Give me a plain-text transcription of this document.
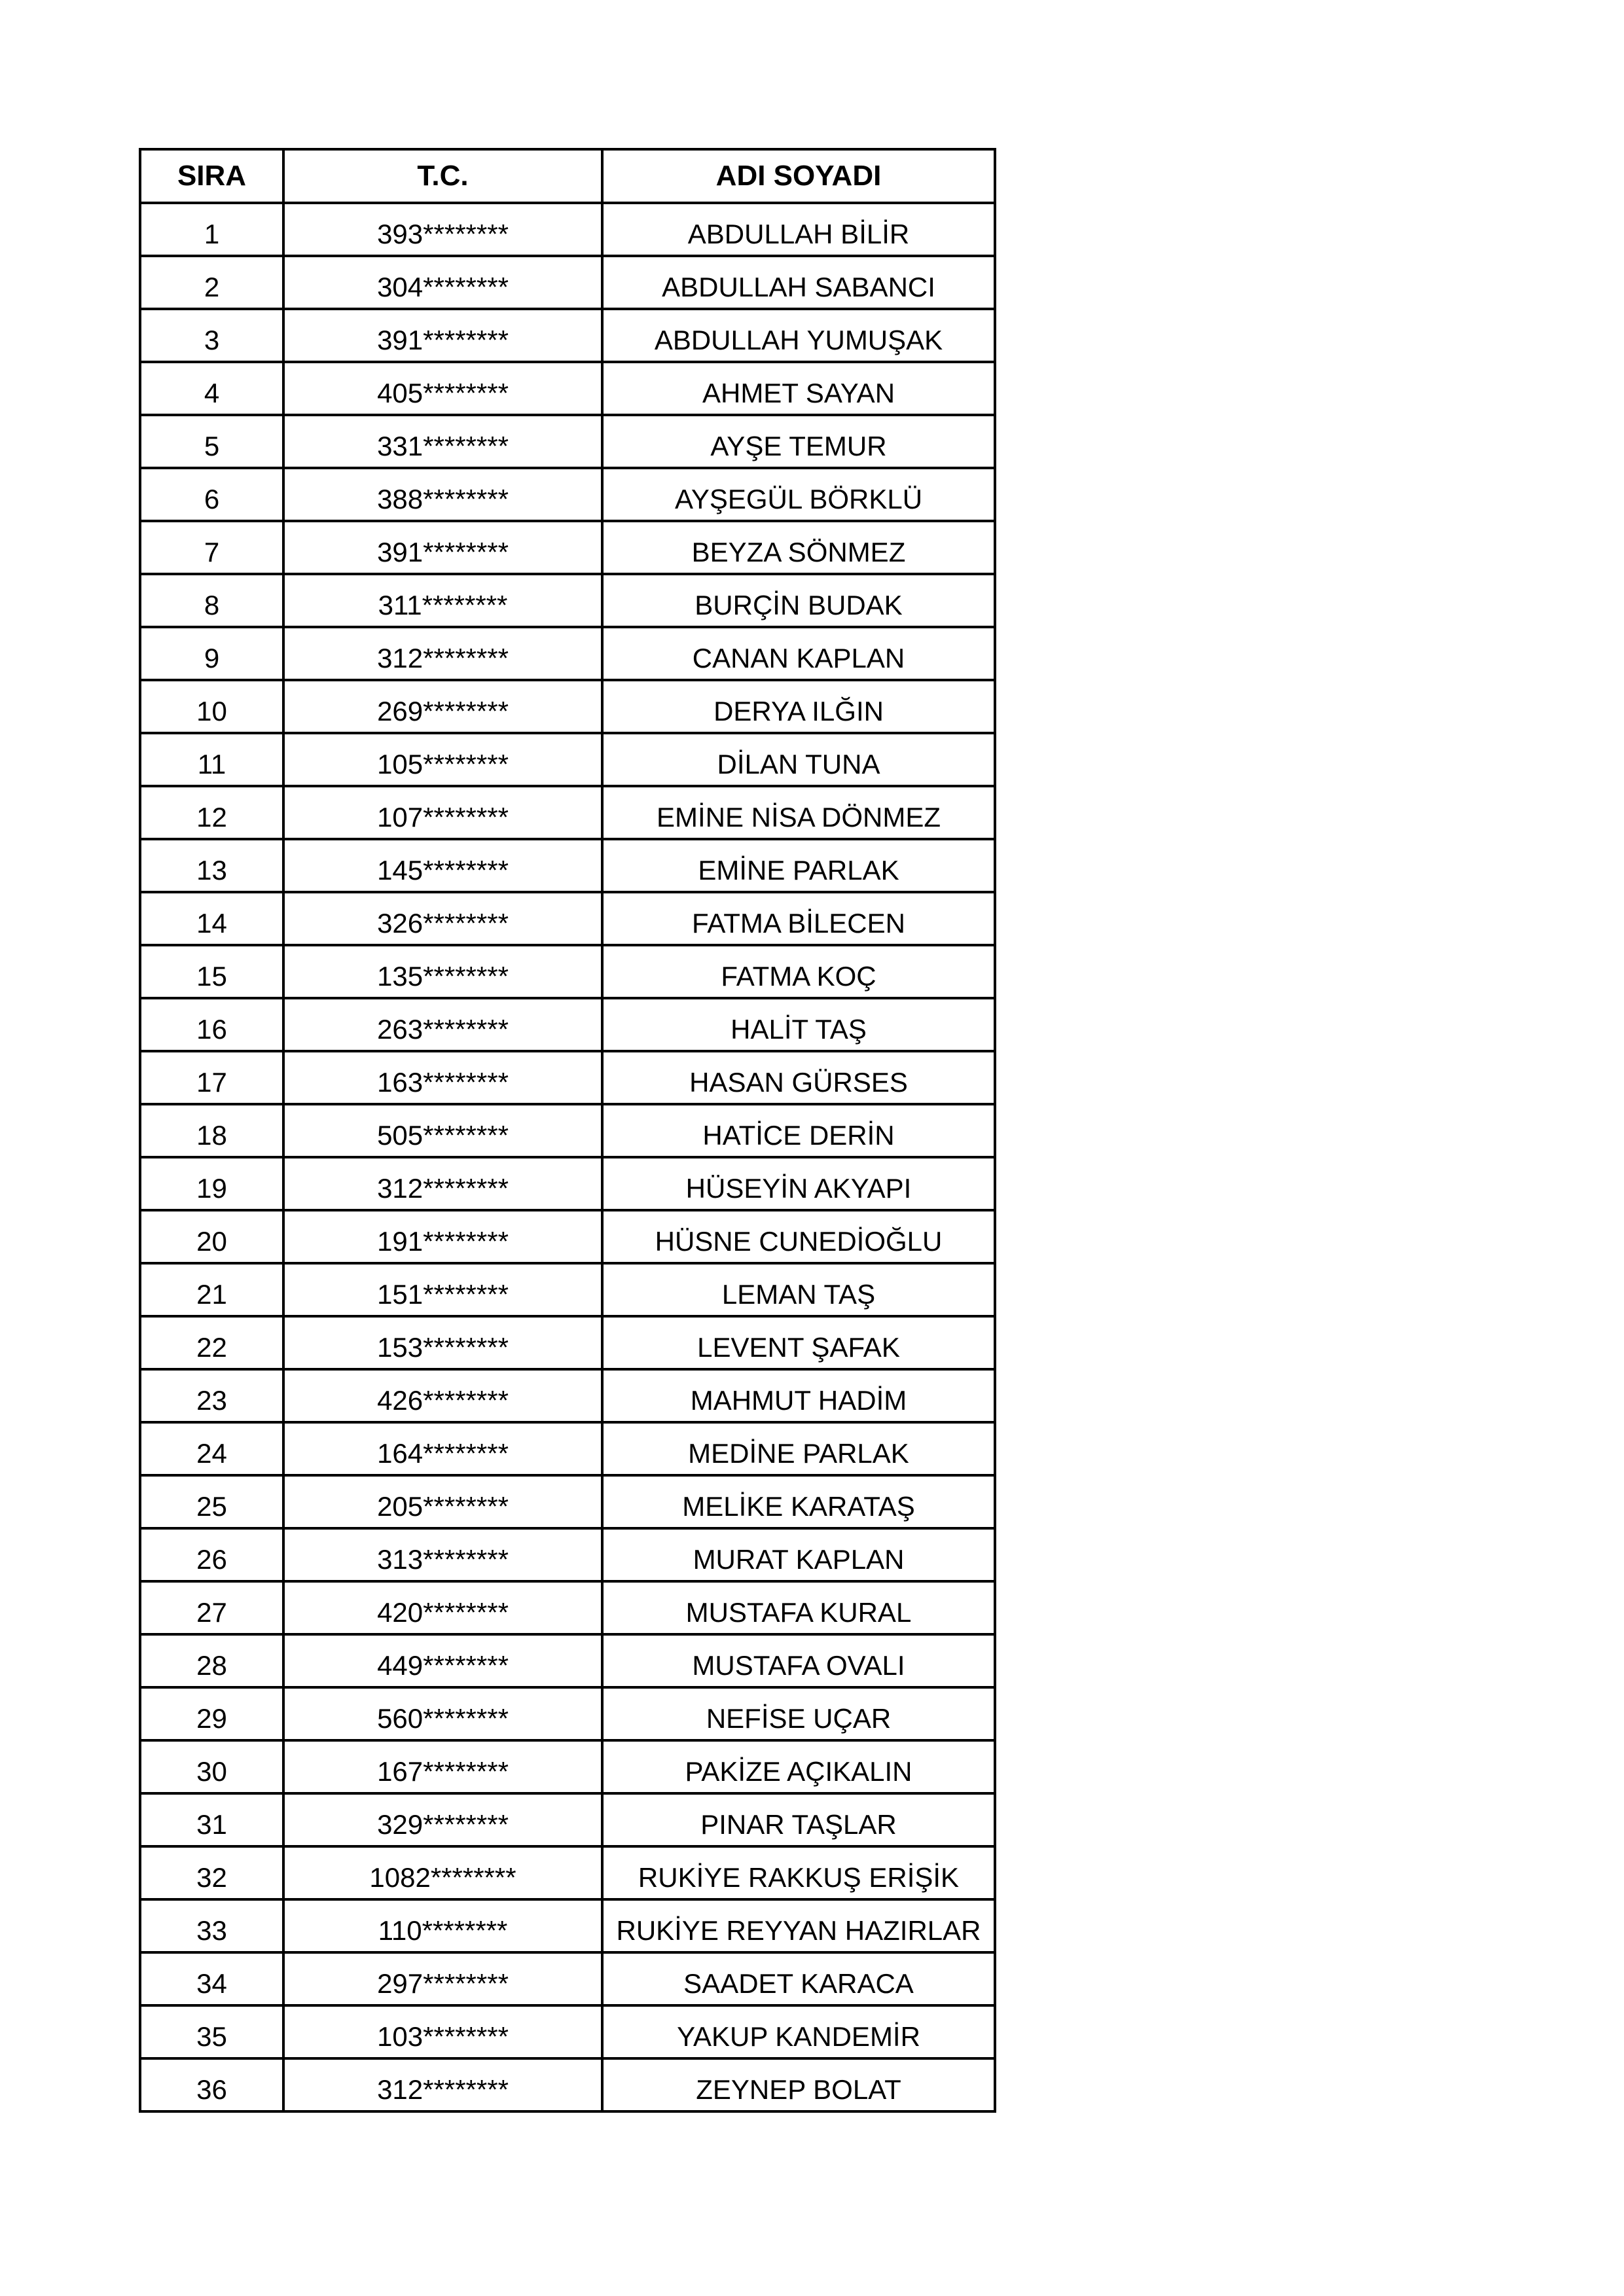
SIRA	T.C.	ADI SOYADI
1	393********	ABDULLAH BİLİR
2	304********	ABDULLAH SABANCI
3	391********	ABDULLAH YUMUŞAK
4	405********	AHMET SAYAN
5	331********	AYŞE TEMUR
6	388********	AYŞEGÜL BÖRKLÜ
7	391********	BEYZA SÖNMEZ
8	311********	BURÇİN BUDAK
9	312********	CANAN KAPLAN
10	269********	DERYA ILĞIN
11	105********	DİLAN TUNA
12	107********	EMİNE NİSA DÖNMEZ
13	145********	EMİNE PARLAK
14	326********	FATMA BİLECEN
15	135********	FATMA KOÇ
16	263********	HALİT TAŞ
17	163********	HASAN GÜRSES
18	505********	HATİCE DERİN
19	312********	HÜSEYİN AKYAPI
20	191********	HÜSNE CUNEDİOĞLU
21	151********	LEMAN TAŞ
22	153********	LEVENT ŞAFAK
23	426********	MAHMUT HADİM
24	164********	MEDİNE PARLAK
25	205********	MELİKE KARATAŞ
26	313********	MURAT KAPLAN
27	420********	MUSTAFA KURAL
28	449********	MUSTAFA OVALI
29	560********	NEFİSE UÇAR
30	167********	PAKİZE AÇIKALIN
31	329********	PINAR TAŞLAR
32	1082********	RUKİYE RAKKUŞ ERİŞİK
33	110********	RUKİYE REYYAN HAZIRLAR
34	297********	SAADET KARACA
35	103********	YAKUP KANDEMİR
36	312********	ZEYNEP BOLAT
